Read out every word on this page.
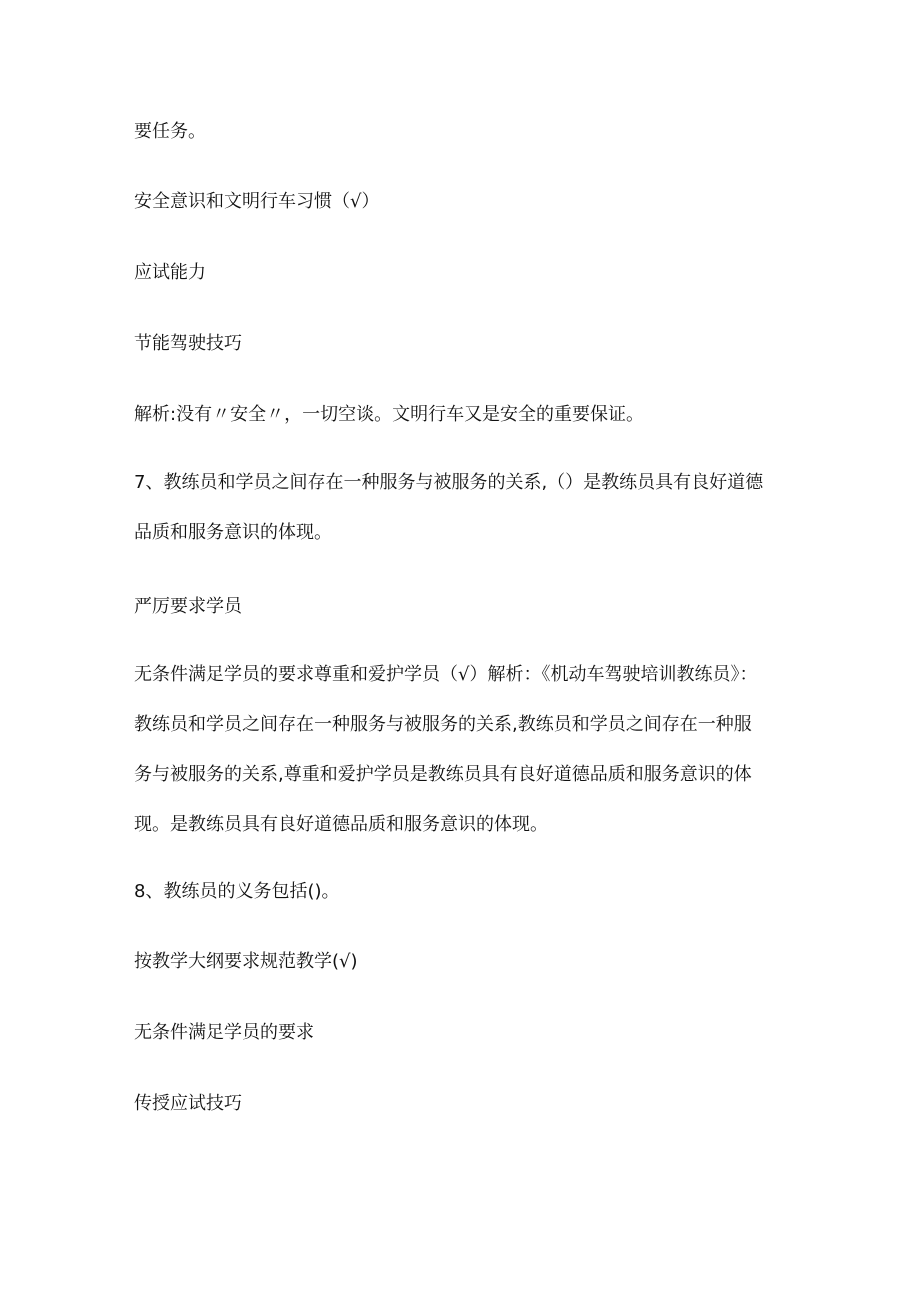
要任务。
安全意识和文明行车习惯（√）
应试能力
节能驾驶技巧
解析:没有〃安全〃，一切空谈。文明行车又是安全的重要保证。
7、教练员和学员之间存在一种服务与被服务的关系,（）是教练员具有良好道德
品质和服务意识的体现。
严厉要求学员
无条件满足学员的要求尊重和爱护学员（√）解析：《机动车驾驶培训教练员》：
教练员和学员之间存在一种服务与被服务的关系,教练员和学员之间存在一种服
务与被服务的关系,尊重和爱护学员是教练员具有良好道德品质和服务意识的体
现。是教练员具有良好道德品质和服务意识的体现。
8、教练员的义务包括()。
按教学大纲要求规范教学(√)
无条件满足学员的要求
传授应试技巧
